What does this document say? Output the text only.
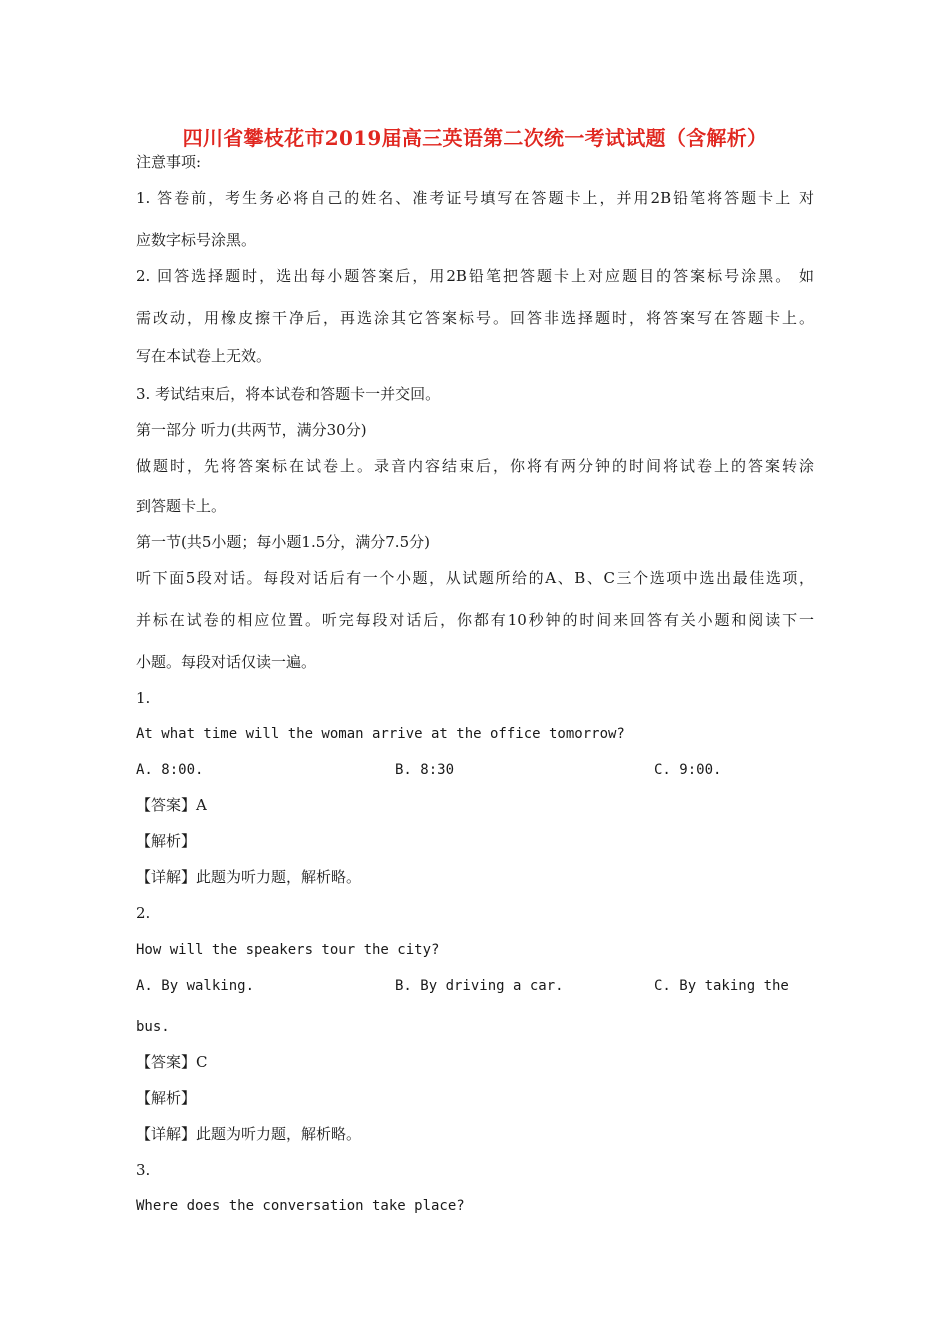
四川省攀枝花市2019届高三英语第二次统一考试试题（含解析）
注意事项:
1. 答卷前，考生务必将自己的姓名、准考证号填写在答题卡上，并用2B铅笔将答题卡上 对
应数字标号涂黑。
2. 回答选择题时，选出每小题答案后，用2B铅笔把答题卡上对应题目的答案标号涂黑。 如
需改动，用橡皮擦干净后，再选涂其它答案标号。回答非选择题时，将答案写在答题卡上。
写在本试卷上无效。
3. 考试结束后，将本试卷和答题卡一并交回。
第一部分 听力(共两节，满分30分)
做题时，先将答案标在试卷上。录音内容结束后，你将有两分钟的时间将试卷上的答案转涂
到答题卡上。
第一节(共5小题；每小题1.5分，满分7.5分)
听下面5段对话。每段对话后有一个小题，从试题所给的A、B、C三个选项中选出最佳选项，
并标在试卷的相应位置。听完每段对话后，你都有10秒钟的时间来回答有关小题和阅读下一
小题。每段对话仅读一遍。
1.
At what time will the woman arrive at the office tomorrow?
A. 8:00.	B. 8:30	C. 9:00.
【答案】A
【解析】
【详解】此题为听力题，解析略。
2.
How will the speakers tour the city?
A. By walking.	B. By driving a car.	C. By taking the
bus.
【答案】C
【解析】
【详解】此题为听力题，解析略。
3.
Where does the conversation take place?
